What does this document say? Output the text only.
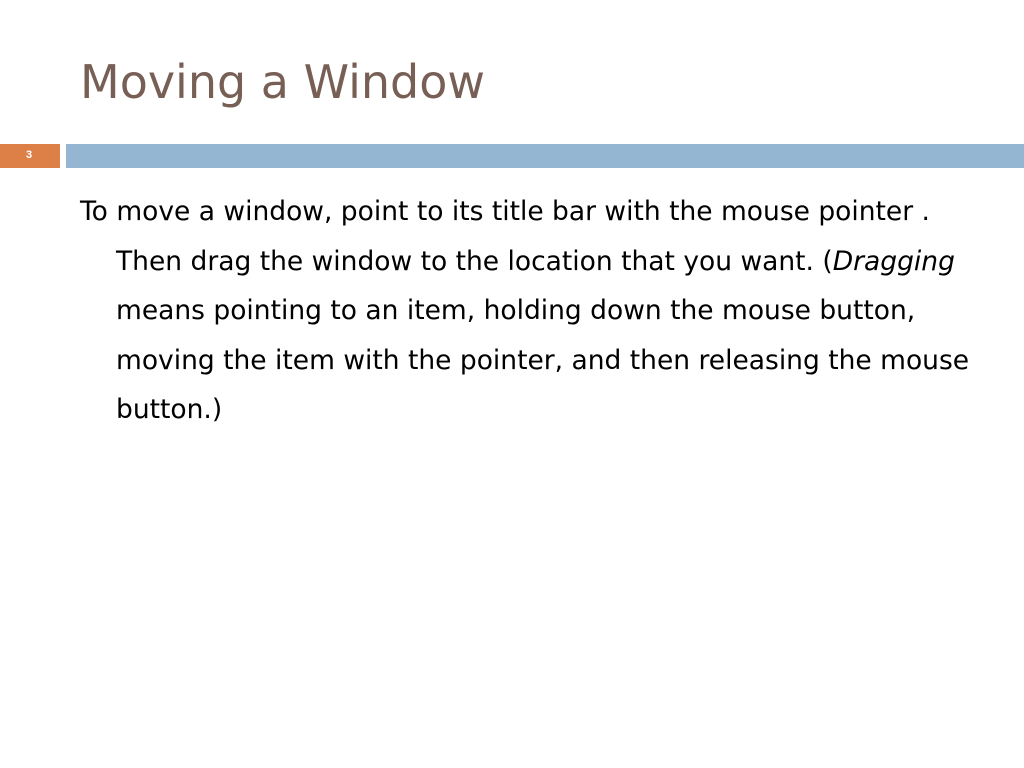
Moving a Window
3

To move a window, point to its title bar with the mouse pointer . Then drag the window to the location that you want. (Dragging means pointing to an item, holding down the mouse button, moving the item with the pointer, and then releasing the mouse button.)
